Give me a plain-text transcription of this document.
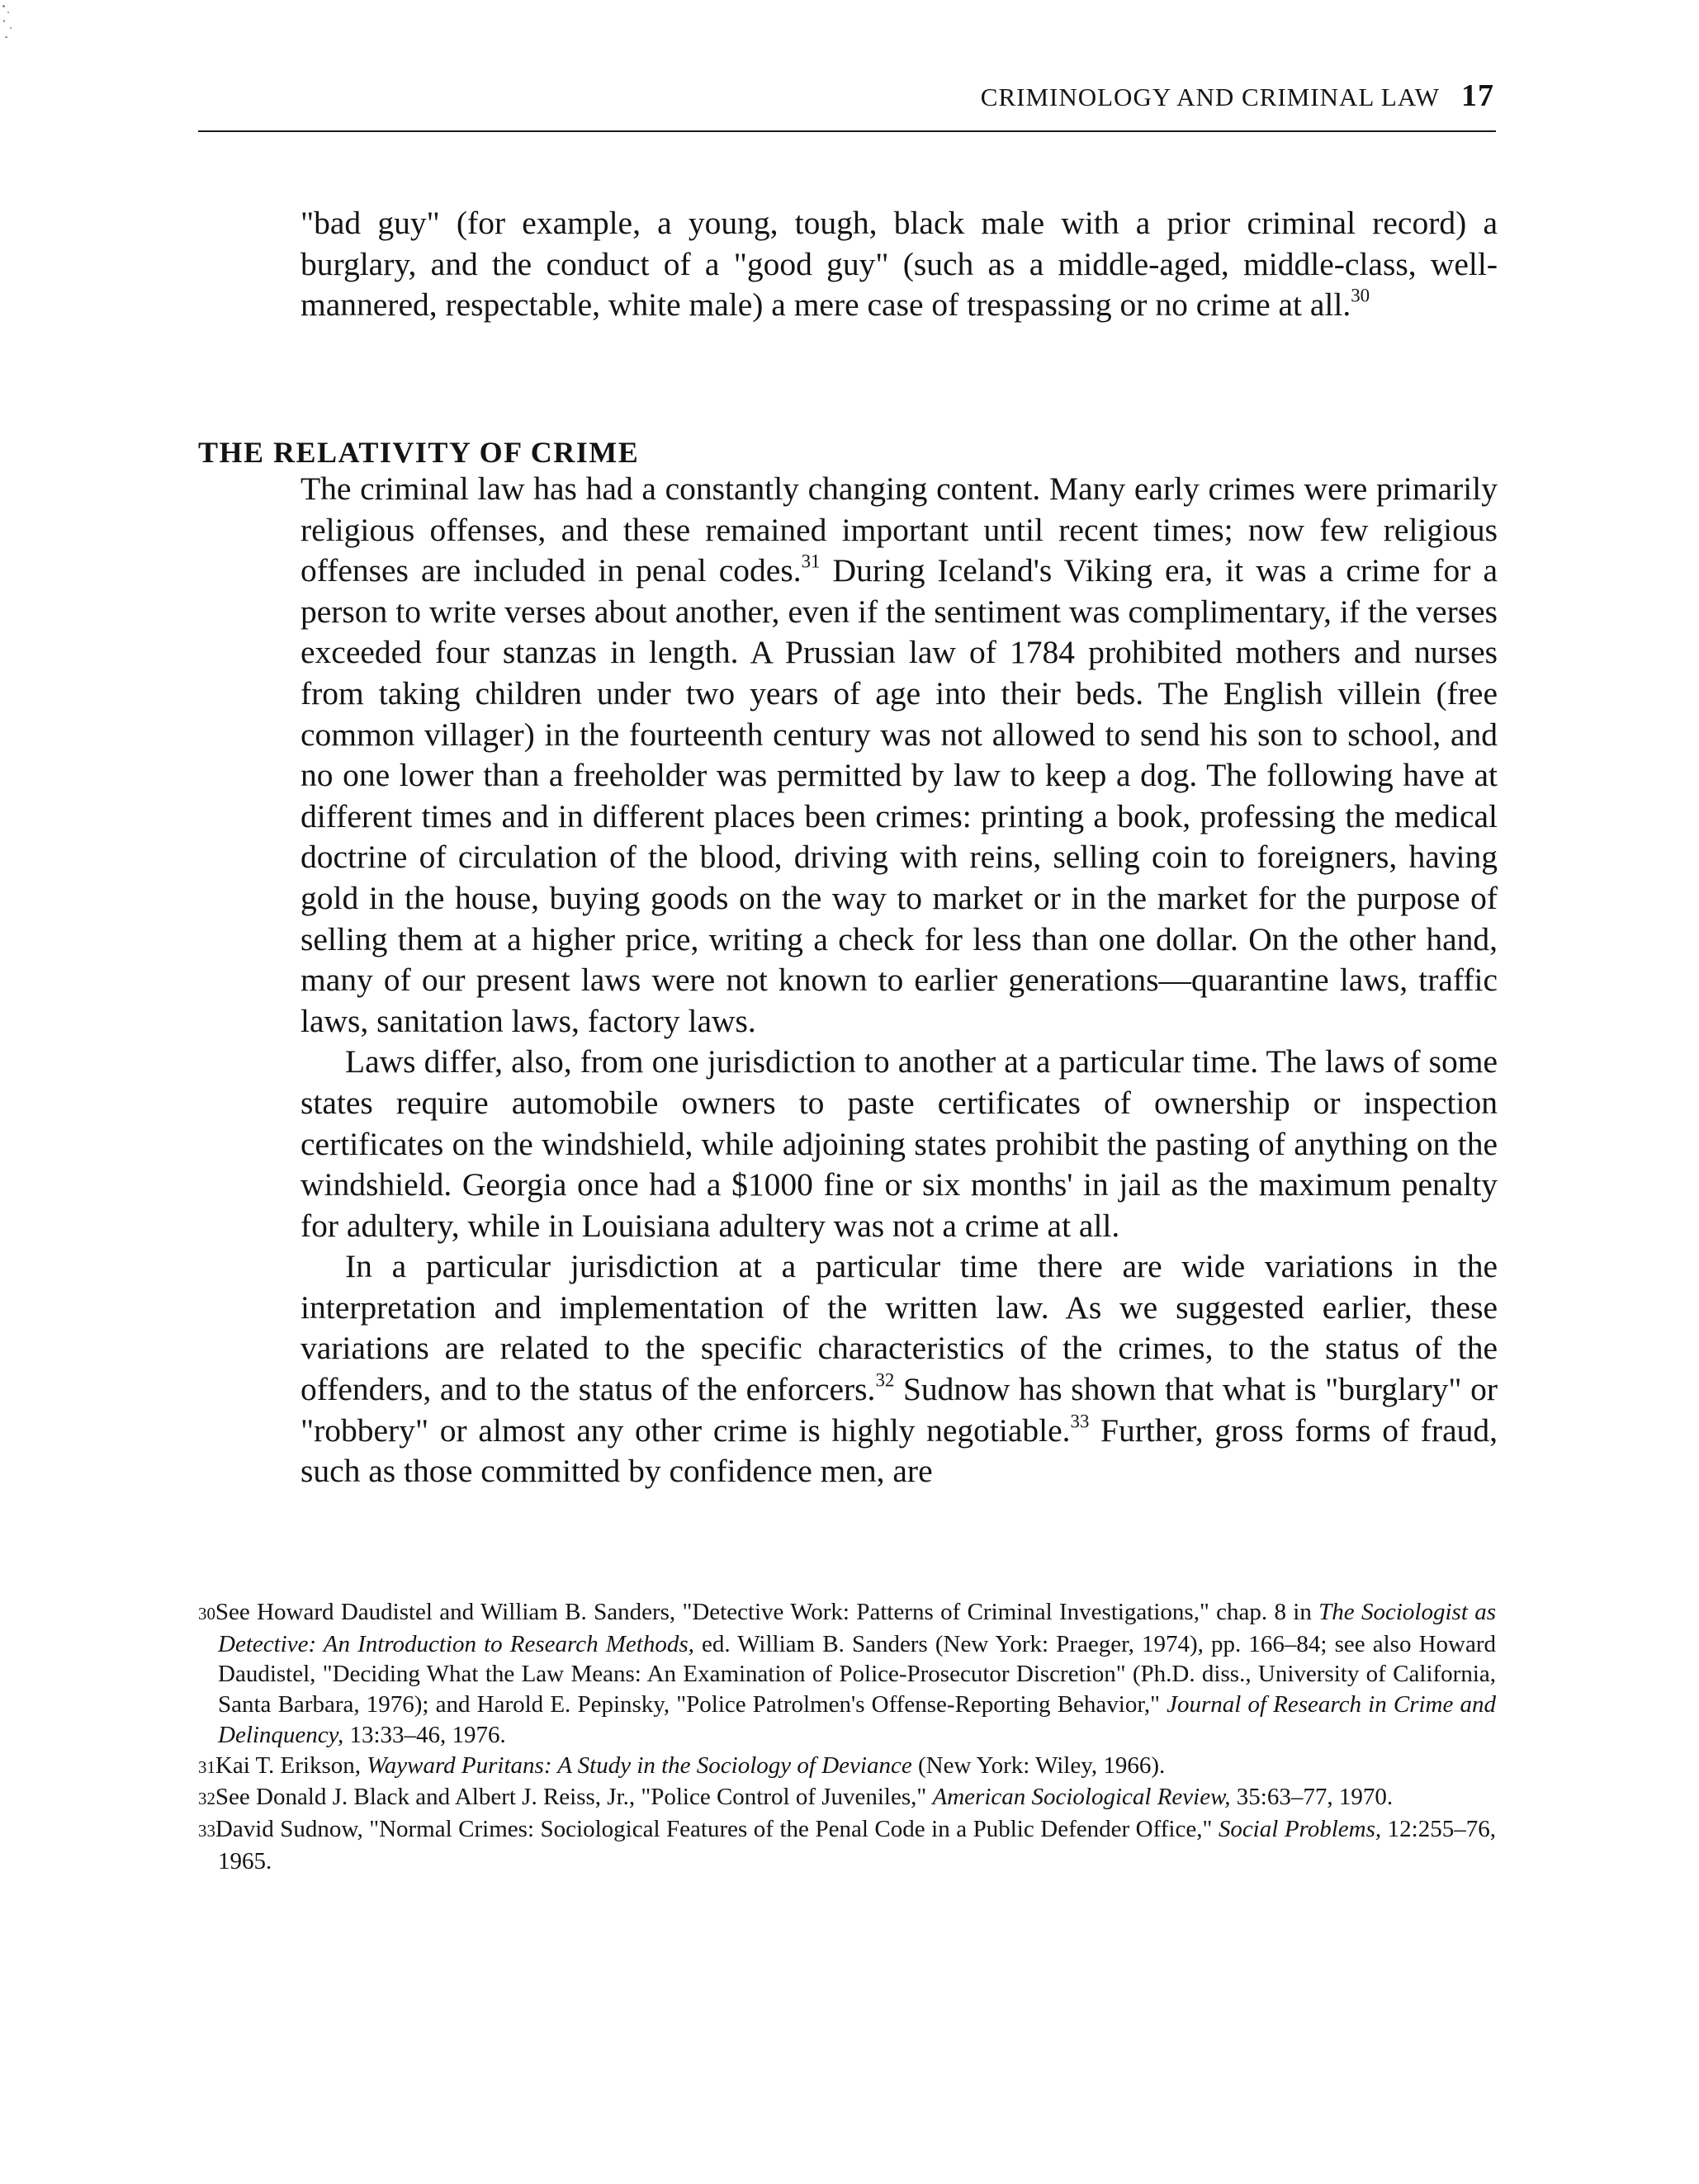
CRIMINOLOGY AND CRIMINAL LAW 17

"bad guy" (for example, a young, tough, black male with a prior criminal record) a burglary, and the conduct of a "good guy" (such as a middle-aged, middle-class, well-mannered, respectable, white male) a mere case of trespassing or no crime at all.$^{30}$

THE RELATIVITY OF CRIME

The criminal law has had a constantly changing content. Many early crimes were primarily religious offenses, and these remained important until recent times; now few religious offenses are included in penal codes.$^{31}$ During Iceland's Viking era, it was a crime for a person to write verses about another, even if the sentiment was complimentary, if the verses exceeded four stanzas in length. A Prussian law of 1784 prohibited mothers and nurses from taking children under two years of age into their beds. The English villein (free common villager) in the fourteenth century was not allowed to send his son to school, and no one lower than a freeholder was permitted by law to keep a dog. The following have at different times and in different places been crimes: printing a book, professing the medical doctrine of circulation of the blood, driving with reins, selling coin to foreigners, having gold in the house, buying goods on the way to market or in the market for the purpose of selling them at a higher price, writing a check for less than one dollar. On the other hand, many of our present laws were not known to earlier generations—quarantine laws, traffic laws, sanitation laws, factory laws.

Laws differ, also, from one jurisdiction to another at a particular time. The laws of some states require automobile owners to paste certificates of ownership or inspection certificates on the windshield, while adjoining states prohibit the pasting of anything on the windshield. Georgia once had a $1000 fine or six months' in jail as the maximum penalty for adultery, while in Louisiana adultery was not a crime at all.

In a particular jurisdiction at a particular time there are wide variations in the interpretation and implementation of the written law. As we suggested earlier, these variations are related to the specific characteristics of the crimes, to the status of the offenders, and to the status of the enforcers.$^{32}$ Sudnow has shown that what is "burglary" or "robbery" or almost any other crime is highly negotiable.$^{33}$ Further, gross forms of fraud, such as those committed by confidence men, are

30See Howard Daudistel and William B. Sanders, "Detective Work: Patterns of Criminal Investigations," chap. 8 in The Sociologist as Detective: An Introduction to Research Methods, ed. William B. Sanders (New York: Praeger, 1974), pp. 166–84; see also Howard Daudistel, "Deciding What the Law Means: An Examination of Police-Prosecutor Discretion" (Ph.D. diss., University of California, Santa Barbara, 1976); and Harold E. Pepinsky, "Police Patrolmen's Offense-Reporting Behavior," Journal of Research in Crime and Delinquency, 13:33–46, 1976.

31Kai T. Erikson, Wayward Puritans: A Study in the Sociology of Deviance (New York: Wiley, 1966).

32See Donald J. Black and Albert J. Reiss, Jr., "Police Control of Juveniles," American Sociological Review, 35:63–77, 1970.

33David Sudnow, "Normal Crimes: Sociological Features of the Penal Code in a Public Defender Office," Social Problems, 12:255–76, 1965.
